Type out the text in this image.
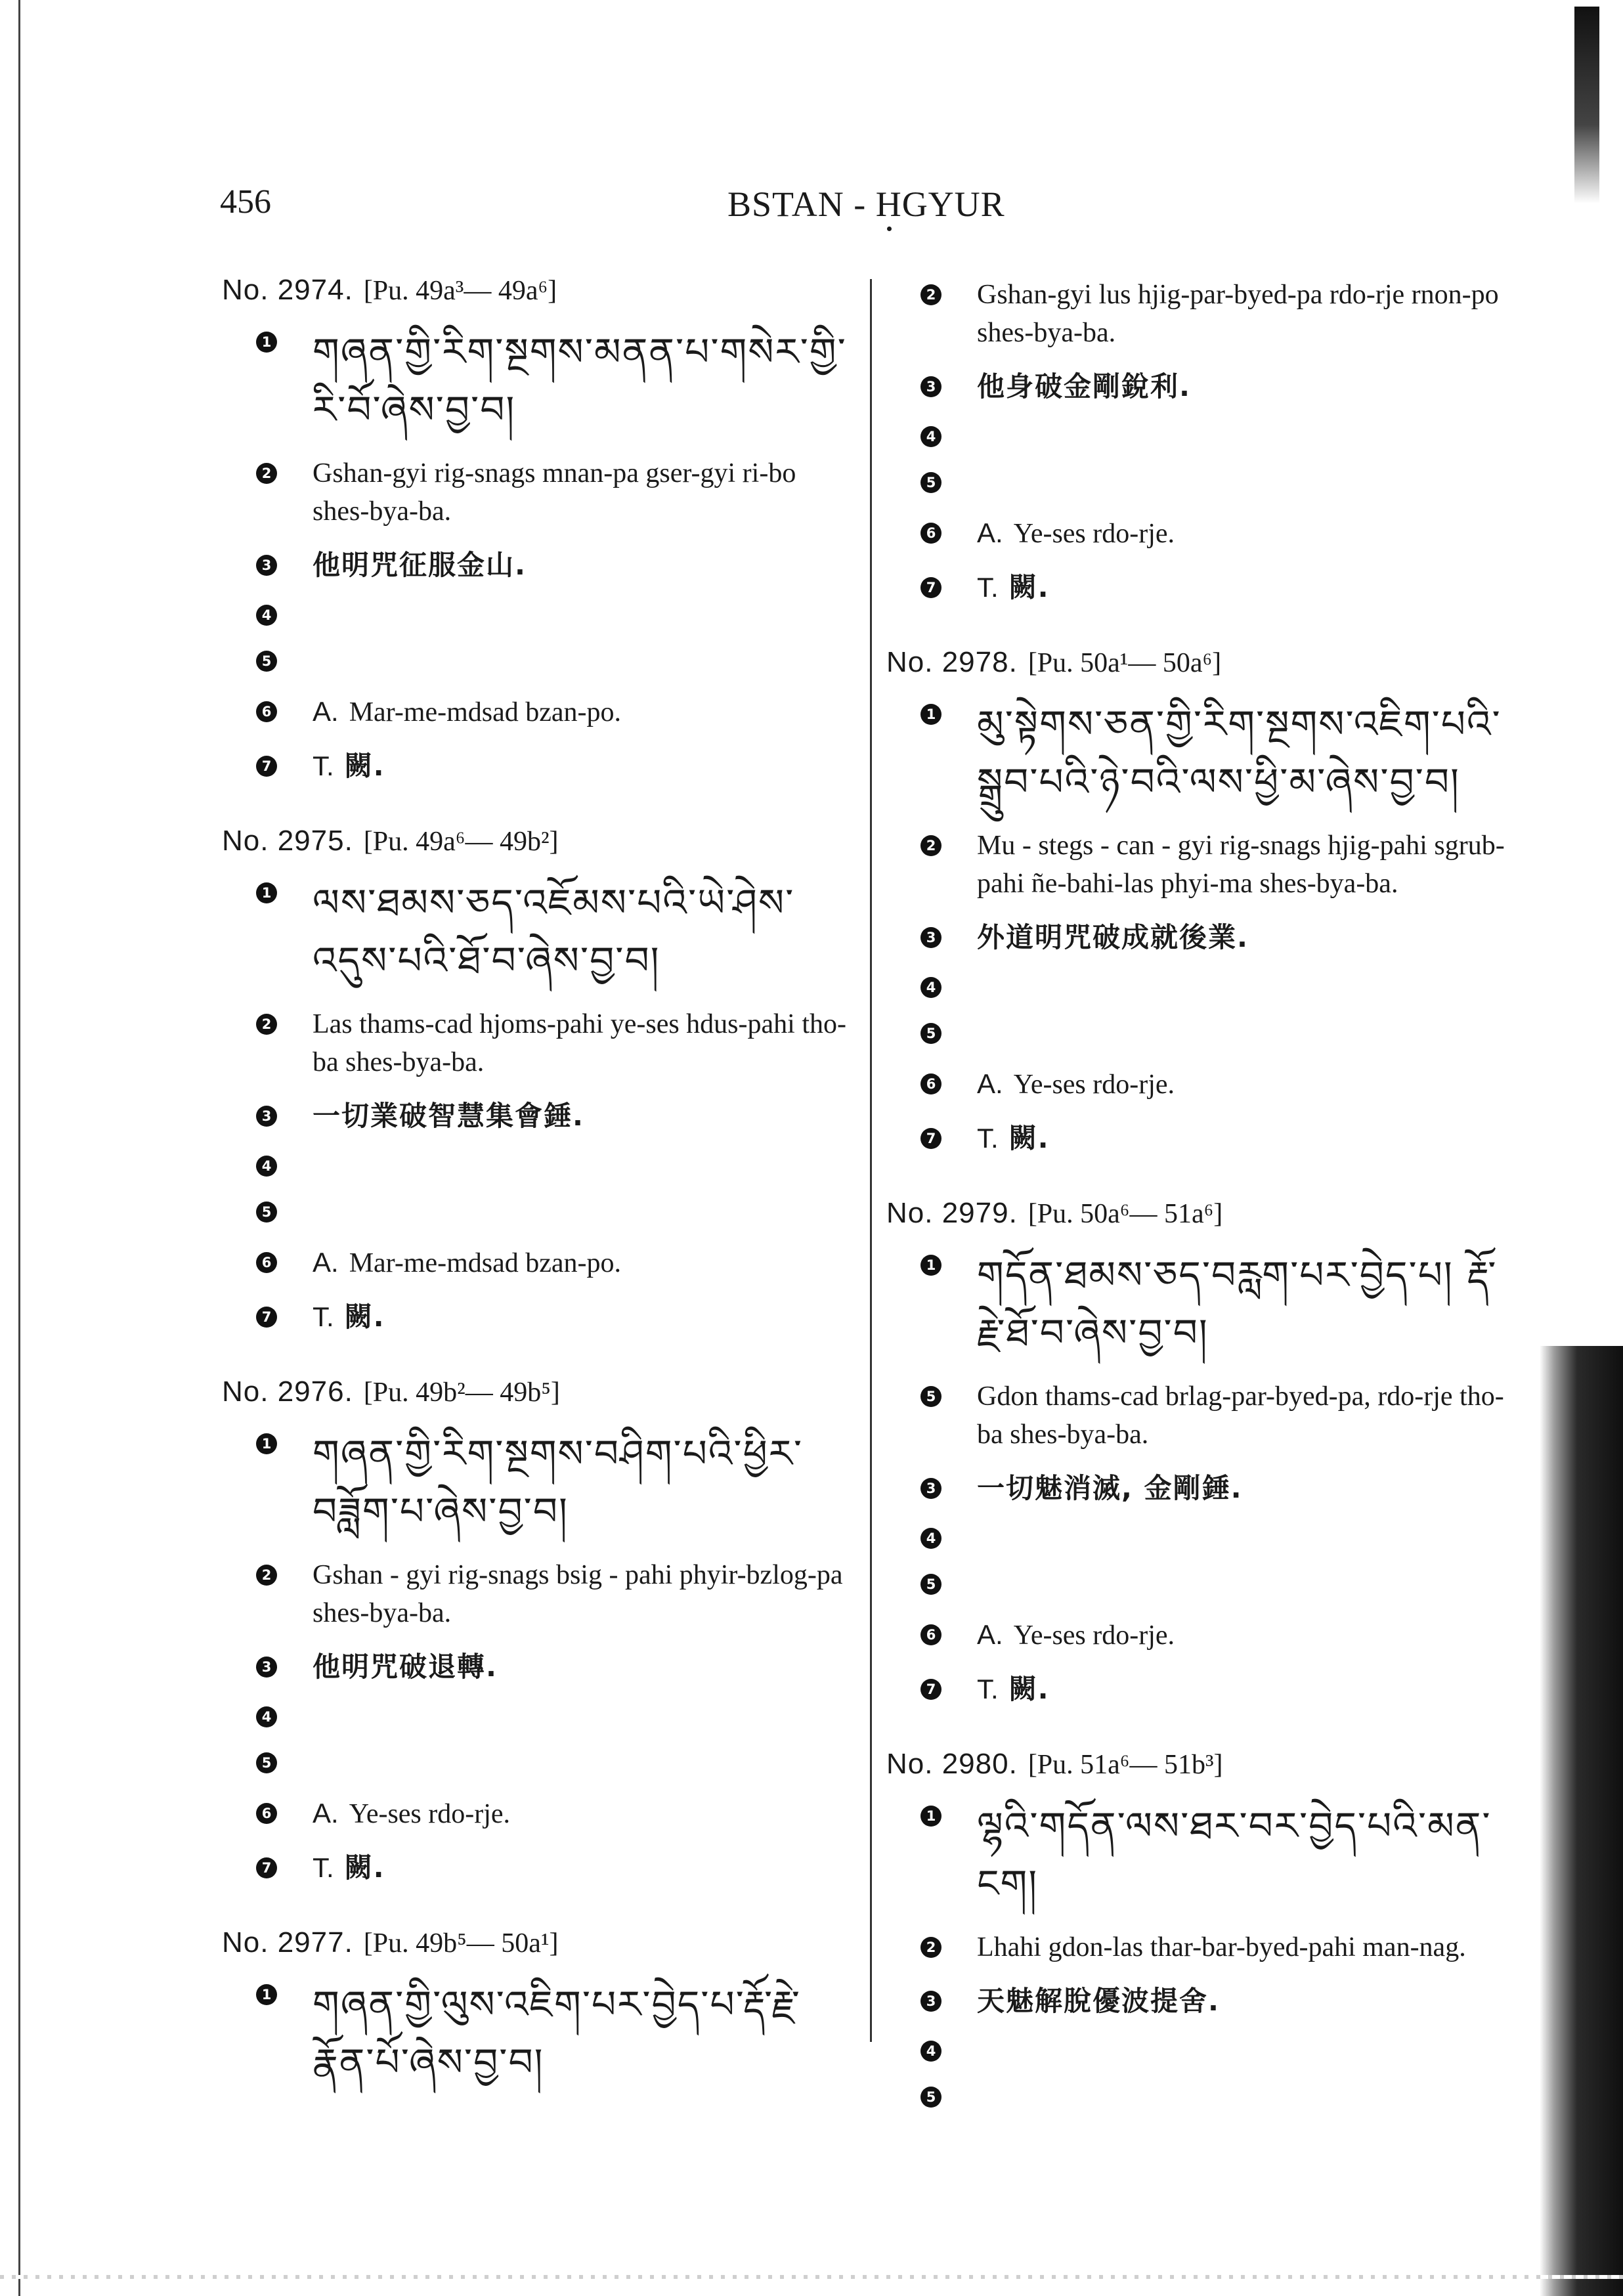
456	BSTAN - HGYUR
No. 2974. [Pu. 49a³— 49a⁶]
1 གཞན་གྱི་རིག་སྔགས་མནན་པ་གསེར་གྱི་རི་བོ་ཞེས་བྱ་བ།
2 Gshan-gyi rig-snags mnan-pa gser-gyi ri-bo shes-bya-ba.
3 他明咒征服金山.
4
5
6 A. Mar-me-mdsad bzan-po.
7 T. 闕.
No. 2975. [Pu. 49a⁶— 49b²]
1 ལས་ཐམས་ཅད་འཇོམས་པའི་ཡེ་ཤེས་འདུས་པའི་ཐོ་བ་ཞེས་བྱ་བ།
2 Las thams-cad hjoms-pahi ye-ses hdus-pahi tho-ba shes-bya-ba.
3 一切業破智慧集會錘.
4
5
6 A. Mar-me-mdsad bzan-po.
7 T. 闕.
No. 2976. [Pu. 49b²— 49b⁵]
1 གཞན་གྱི་རིག་སྔགས་བཤིག་པའི་ཕྱིར་བཟློག་པ་ཞེས་བྱ་བ།
2 Gshan - gyi rig-snags bsig - pahi phyir-bzlog-pa shes-bya-ba.
3 他明咒破退轉.
4
5
6 A. Ye-ses rdo-rje.
7 T. 闕.
No. 2977. [Pu. 49b⁵— 50a¹]
1 གཞན་གྱི་ལུས་འཇིག་པར་བྱེད་པ་རྡོ་རྗེ་རྣོན་པོ་ཞེས་བྱ་བ།
2 Gshan-gyi lus hjig-par-byed-pa rdo-rje rnon-po shes-bya-ba.
3 他身破金剛銳利.
4
5
6 A. Ye-ses rdo-rje.
7 T. 闕.
No. 2978. [Pu. 50a¹— 50a⁶]
1 མུ་སྟེགས་ཅན་གྱི་རིག་སྔགས་འཇིག་པའི་སྒྲུབ་པའི་ཉེ་བའི་ལས་ཕྱི་མ་ཞེས་བྱ་བ།
2 Mu - stegs - can - gyi rig-snags hjig-pahi sgrub-pahi ñe-bahi-las phyi-ma shes-bya-ba.
3 外道明咒破成就後業.
4
5
6 A. Ye-ses rdo-rje.
7 T. 闕.
No. 2979. [Pu. 50a⁶— 51a⁶]
1 གདོན་ཐམས་ཅད་བརླག་པར་བྱེད་པ། རྡོ་རྗེ་ཐོ་བ་ཞེས་བྱ་བ།
5 Gdon thams-cad brlag-par-byed-pa, rdo-rje tho-ba shes-bya-ba.
3 一切魅消滅, 金剛錘.
4
5
6 A. Ye-ses rdo-rje.
7 T. 闕.
No. 2980. [Pu. 51a⁶— 51b³]
1 ལྷའི་གདོན་ལས་ཐར་བར་བྱེད་པའི་མན་ངག།
2 Lhahi gdon-las thar-bar-byed-pahi man-nag.
3 天魅解脫優波提舍.
4
5
